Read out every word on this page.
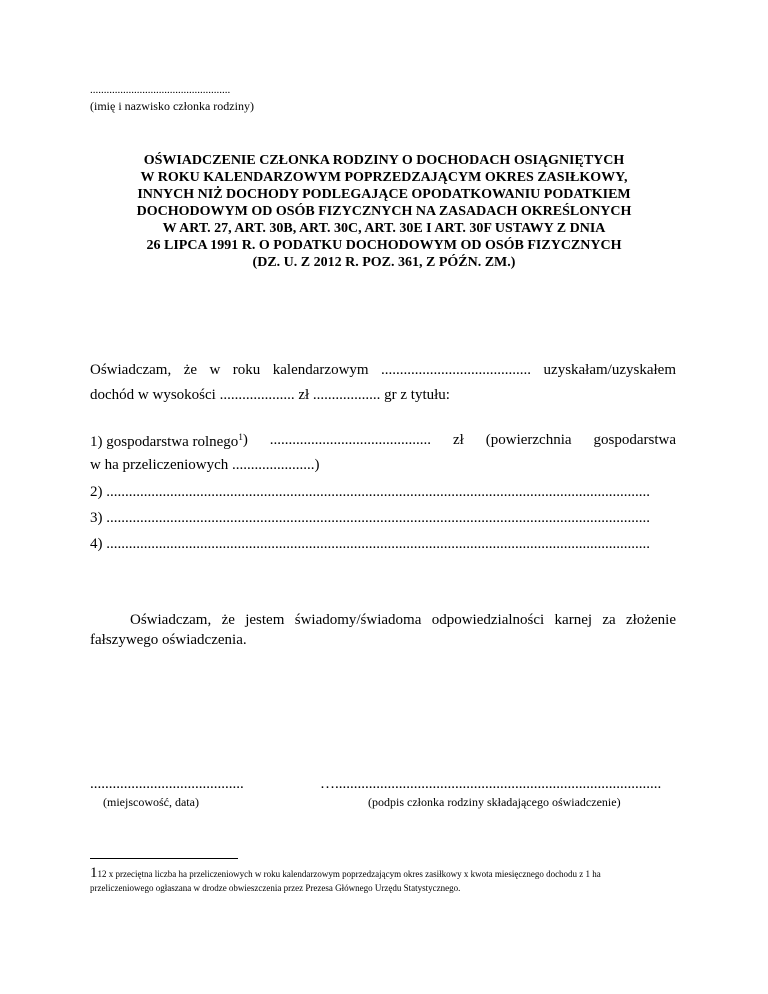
...................................................
(imię i nazwisko członka rodziny)
OŚWIADCZENIE CZŁONKA RODZINY O DOCHODACH OSIĄGNIĘTYCH
W ROKU KALENDARZOWYM POPRZEDZAJĄCYM OKRES ZASIŁKOWY,
INNYCH NIŻ DOCHODY PODLEGAJĄCE OPODATKOWANIU PODATKIEM
DOCHODOWYM OD OSÓB FIZYCZNYCH NA ZASADACH OKREŚLONYCH
W ART. 27, ART. 30B, ART. 30C, ART. 30E I ART. 30F USTAWY Z DNIA
26 LIPCA 1991 R. O PODATKU DOCHODOWYM OD OSÓB FIZYCZNYCH
(DZ. U. Z 2012 R. POZ. 361, Z PÓŹN. ZM.)
Oświadczam, że w roku kalendarzowym ........................................ uzyskałam/uzyskałem
dochód w wysokości .................... zł .................. gr z tytułu:
1) gospodarstwa rolnego$^1$ ) ........................................... zł (powierzchnia gospodarstwa
w ha przeliczeniowych ......................)
2) .................................................................................................................................................
3) .................................................................................................................................................
4) .................................................................................................................................................
Oświadczam, że jestem świadomy/świadoma odpowiedzialności karnej za złożenie
fałszywego oświadczenia.
.........................................
(miejscowość, data)
….......................................................................................
(podpis członka rodziny składającego oświadczenie)
112 x przeciętna liczba ha przeliczeniowych w roku kalendarzowym poprzedzającym okres zasiłkowy x kwota miesięcznego dochodu z 1 ha
przeliczeniowego ogłaszana w drodze obwieszczenia przez Prezesa Głównego Urzędu Statystycznego.
